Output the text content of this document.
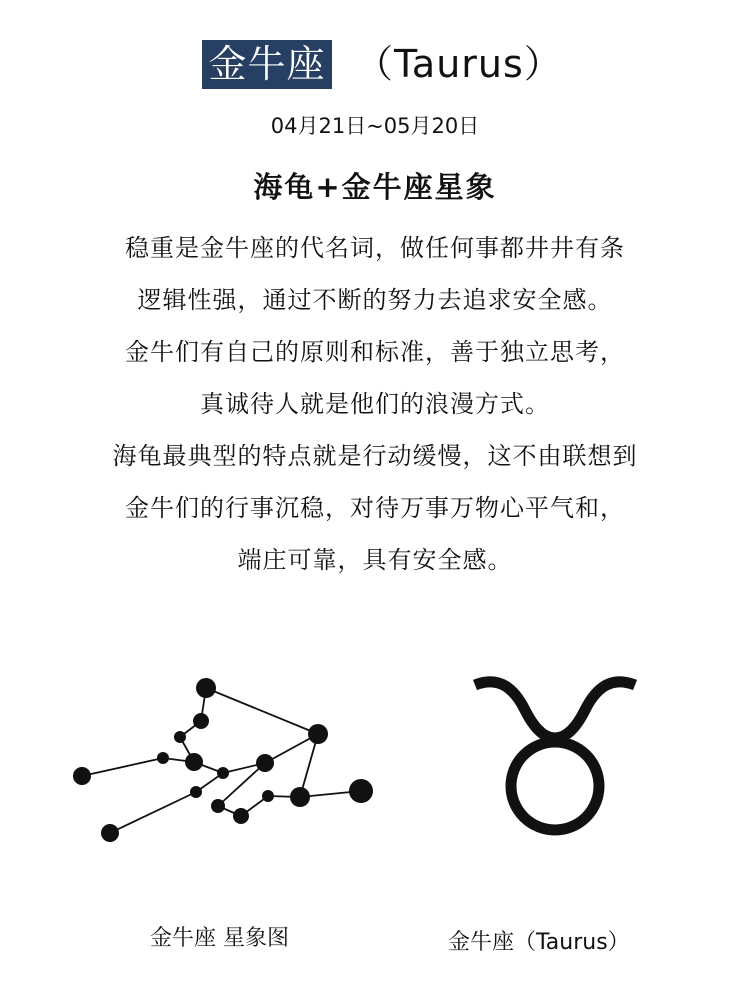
金牛座 （Taurus）
04月21日~05月20日
海龟+金牛座星象

稳重是金牛座的代名词，做任何事都井井有条

逻辑性强，通过不断的努力去追求安全感。

金牛们有自己的原则和标准，善于独立思考，

真诚待人就是他们的浪漫方式。

海龟最典型的特点就是行动缓慢，这不由联想到

金牛们的行事沉稳，对待万事万物心平气和，

端庄可靠，具有安全感。

金牛座 星象图	金牛座（Taurus）
